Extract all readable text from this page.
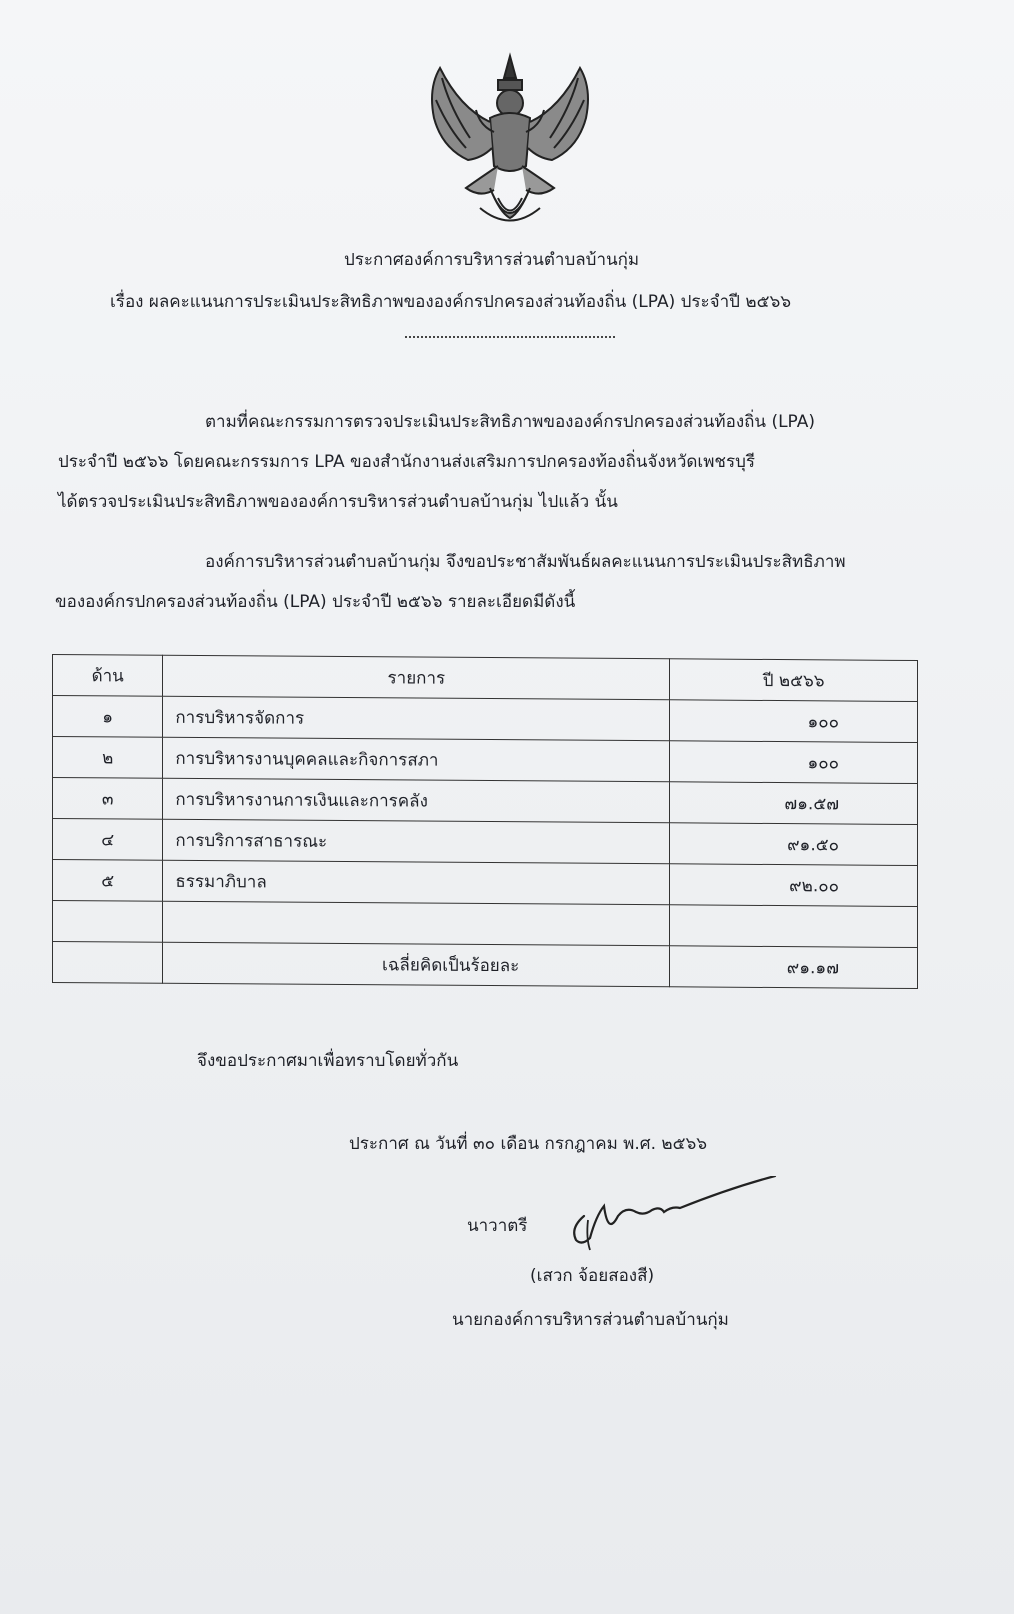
ประกาศองค์การบริหารส่วนตำบลบ้านกุ่ม
เรื่อง ผลคะแนนการประเมินประสิทธิภาพขององค์กรปกครองส่วนท้องถิ่น (LPA) ประจำปี ๒๕๖๖
ตามที่คณะกรรมการตรวจประเมินประสิทธิภาพขององค์กรปกครองส่วนท้องถิ่น (LPA)
ประจำปี ๒๕๖๖ โดยคณะกรรมการ LPA ของสำนักงานส่งเสริมการปกครองท้องถิ่นจังหวัดเพชรบุรี
ได้ตรวจประเมินประสิทธิภาพขององค์การบริหารส่วนตำบลบ้านกุ่ม ไปแล้ว นั้น
องค์การบริหารส่วนตำบลบ้านกุ่ม จึงขอประชาสัมพันธ์ผลคะแนนการประเมินประสิทธิภาพ
ขององค์กรปกครองส่วนท้องถิ่น (LPA) ประจำปี ๒๕๖๖ รายละเอียดมีดังนี้
ด้าน	รายการ	ปี ๒๕๖๖
๑	การบริหารจัดการ	๑๐๐
๒	การบริหารงานบุคคลและกิจการสภา	๑๐๐
๓	การบริหารงานการเงินและการคลัง	๗๑.๕๗
๔	การบริการสาธารณะ	๙๑.๕๐
๕	ธรรมาภิบาล	๙๒.๐๐

	เฉลี่ยคิดเป็นร้อยละ	๙๑.๑๗
จึงขอประกาศมาเพื่อทราบโดยทั่วกัน
ประกาศ ณ วันที่ ๓๐ เดือน กรกฎาคม พ.ศ. ๒๕๖๖
นาวาตรี
(เสวก จ้อยสองสี)
นายกองค์การบริหารส่วนตำบลบ้านกุ่ม
